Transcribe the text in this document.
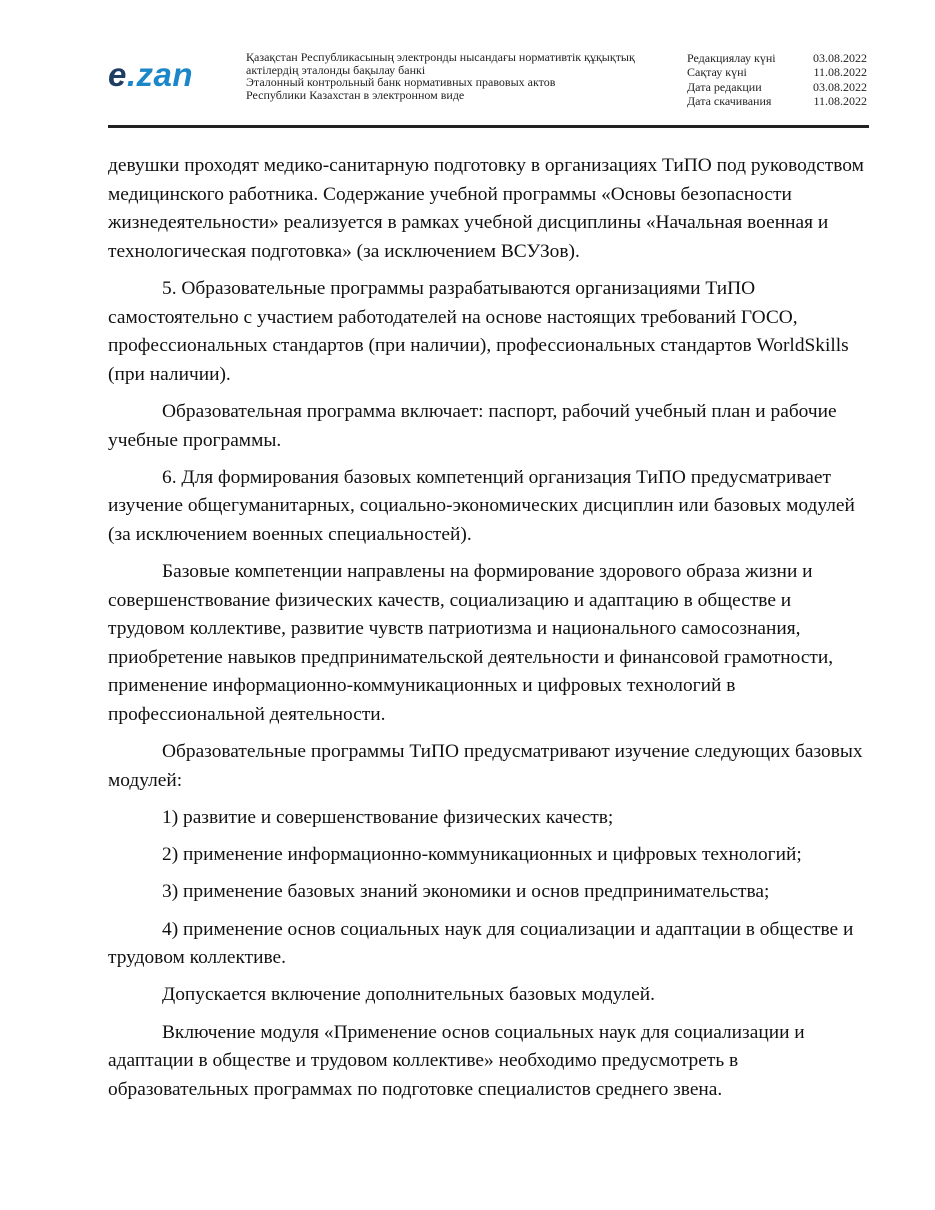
e.zan	Қазақстан Республикасының электронды нысандағы нормативтік құқықтық
актілердің эталонды бақылау банкі
Эталонный контрольный банк нормативных правовых актов
Республики Казахстан в электронном виде
Редакциялау күні	03.08.2022
Сақтау күні	11.08.2022
Дата редакции	03.08.2022
Дата скачивания	11.08.2022

девушки проходят медико-санитарную подготовку в организациях ТиПО под руководством медицинского работника. Содержание учебной программы «Основы безопасности жизнедеятельности» реализуется в рамках учебной дисциплины «Начальная военная и технологическая подготовка» (за исключением ВСУЗов).

5. Образовательные программы разрабатываются организациями ТиПО самостоятельно с участием работодателей на основе настоящих требований ГОСО, профессиональных стандартов (при наличии), профессиональных стандартов WorldSkills (при наличии).

Образовательная программа включает: паспорт, рабочий учебный план и рабочие учебные программы.

6. Для формирования базовых компетенций организация ТиПО предусматривает изучение общегуманитарных, социально-экономических дисциплин или базовых модулей (за исключением военных специальностей).

Базовые компетенции направлены на формирование здорового образа жизни и совершенствование физических качеств, социализацию и адаптацию в обществе и трудовом коллективе, развитие чувств патриотизма и национального самосознания, приобретение навыков предпринимательской деятельности и финансовой грамотности, применение информационно-коммуникационных и цифровых технологий в профессиональной деятельности.

Образовательные программы ТиПО предусматривают изучение следующих базовых модулей:

1) развитие и совершенствование физических качеств;

2) применение информационно-коммуникационных и цифровых технологий;

3) применение базовых знаний экономики и основ предпринимательства;

4) применение основ социальных наук для социализации и адаптации в обществе и трудовом коллективе.

Допускается включение дополнительных базовых модулей.

Включение модуля «Применение основ социальных наук для социализации и адаптации в обществе и трудовом коллективе» необходимо предусмотреть в образовательных программах по подготовке специалистов среднего звена.
